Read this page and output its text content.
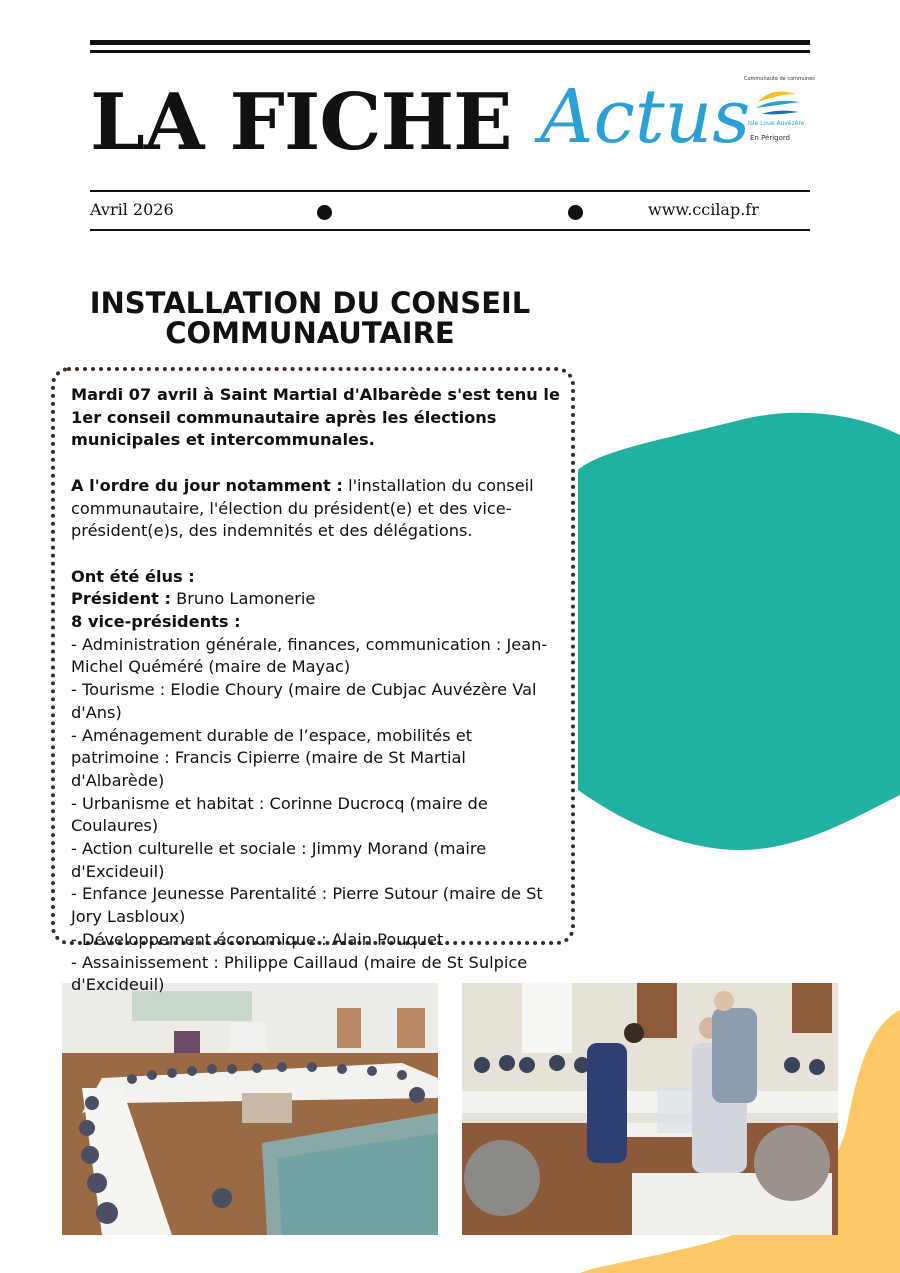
LA FICHE Actus
Communauté de communes
Isle Loue Auvézère
En Périgord
Avril 2026	www.ccilap.fr
INSTALLATION DU CONSEIL COMMUNAUTAIRE

Mardi 07 avril à Saint Martial d'Albarède s'est tenu le 1er conseil communautaire après les élections municipales et intercommunales.

A l'ordre du jour notamment : l'installation du conseil communautaire, l'élection du président(e) et des vice-président(e)s, des indemnités et des délégations.

Ont été élus :

Président : Bruno Lamonerie

8 vice-présidents :

- Administration générale, finances, communication : Jean-Michel Quéméré (maire de Mayac)

- Tourisme : Elodie Choury (maire de Cubjac Auvézère Val d'Ans)

- Aménagement durable de l’espace, mobilités et patrimoine : Francis Cipierre (maire de St Martial d'Albarède)

- Urbanisme et habitat : Corinne Ducrocq (maire de Coulaures)

- Action culturelle et sociale : Jimmy Morand (maire d'Excideuil)

- Enfance Jeunesse Parentalité : Pierre Sutour (maire de St Jory Lasbloux)

- Développement économique : Alain Pouquet

- Assainissement : Philippe Caillaud (maire de St Sulpice d'Excideuil)
